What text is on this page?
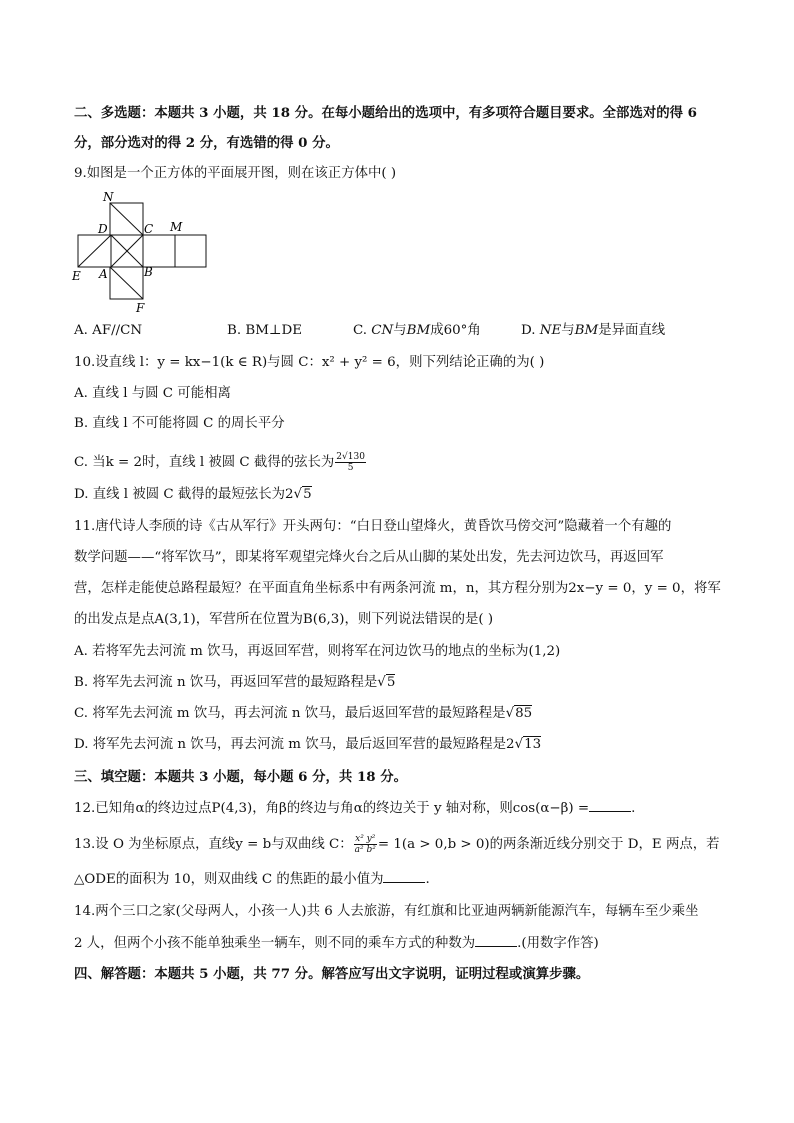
二、多选题：本题共 3 小题，共 18 分。在每小题给出的选项中，有多项符合题目要求。全部选对的得 6
分，部分选对的得 2 分，有选错的得 0 分。
9.如图是一个正方体的平面展开图，则在该正方体中( )
N
D	C M
E A	B
F
A. AF//CN	B. BM⊥DE	C. CN与BM成60°角	D. NE与BM是异面直线
10.设直线 l：y = kx−1(k ∈ R)与圆 C：x² + y² = 6，则下列结论正确的为( )
A. 直线 l 与圆 C 可能相离
B. 直线 l 不可能将圆 C 的周长平分
C. 当k = 2时，直线 l 被圆 C 截得的弦长为 $\frac{2√130}{5}$
D. 直线 l 被圆 C 截得的最短弦长为2√5
11.唐代诗人李颀的诗《古从军行》开头两句：“白日登山望烽火，黄昏饮马傍交河”隐藏着一个有趣的
数学问题——“将军饮马”，即某将军观望完烽火台之后从山脚的某处出发，先去河边饮马，再返回军
营，怎样走能使总路程最短？在平面直角坐标系中有两条河流 m，n，其方程分别为2x−y = 0，y = 0，将军
的出发点是点A(3,1)，军营所在位置为B(6,3)，则下列说法错误的是( )
A. 若将军先去河流 m 饮马，再返回军营，则将军在河边饮马的地点的坐标为(1,2)
B. 将军先去河流 n 饮马，再返回军营的最短路程是√5
C. 将军先去河流 m 饮马，再去河流 n 饮马，最后返回军营的最短路程是√85
D. 将军先去河流 n 饮马，再去河流 m 饮马，最后返回军营的最短路程是2√13
三、填空题：本题共 3 小题，每小题 6 分，共 18 分。
12.已知角α的终边过点P(4,3)，角β的终边与角α的终边关于 y 轴对称，则cos(α−β) =	.
13.设 O 为坐标原点，直线y = b与双曲线 C： $\frac{\text{x² y²}}{\text{a² b²}} = 1(a > 0,b > 0)$的两条渐近线分别交于 D，E 两点，若
△ODE的面积为 10，则双曲线 C 的焦距的最小值为	.
14.两个三口之家(父母两人，小孩一人)共 6 人去旅游，有红旗和比亚迪两辆新能源汽车，每辆车至少乘坐
2 人，但两个小孩不能单独乘坐一辆车，则不同的乘车方式的种数为	.(用数字作答)
四、解答题：本题共 5 小题，共 77 分。解答应写出文字说明，证明过程或演算步骤。
